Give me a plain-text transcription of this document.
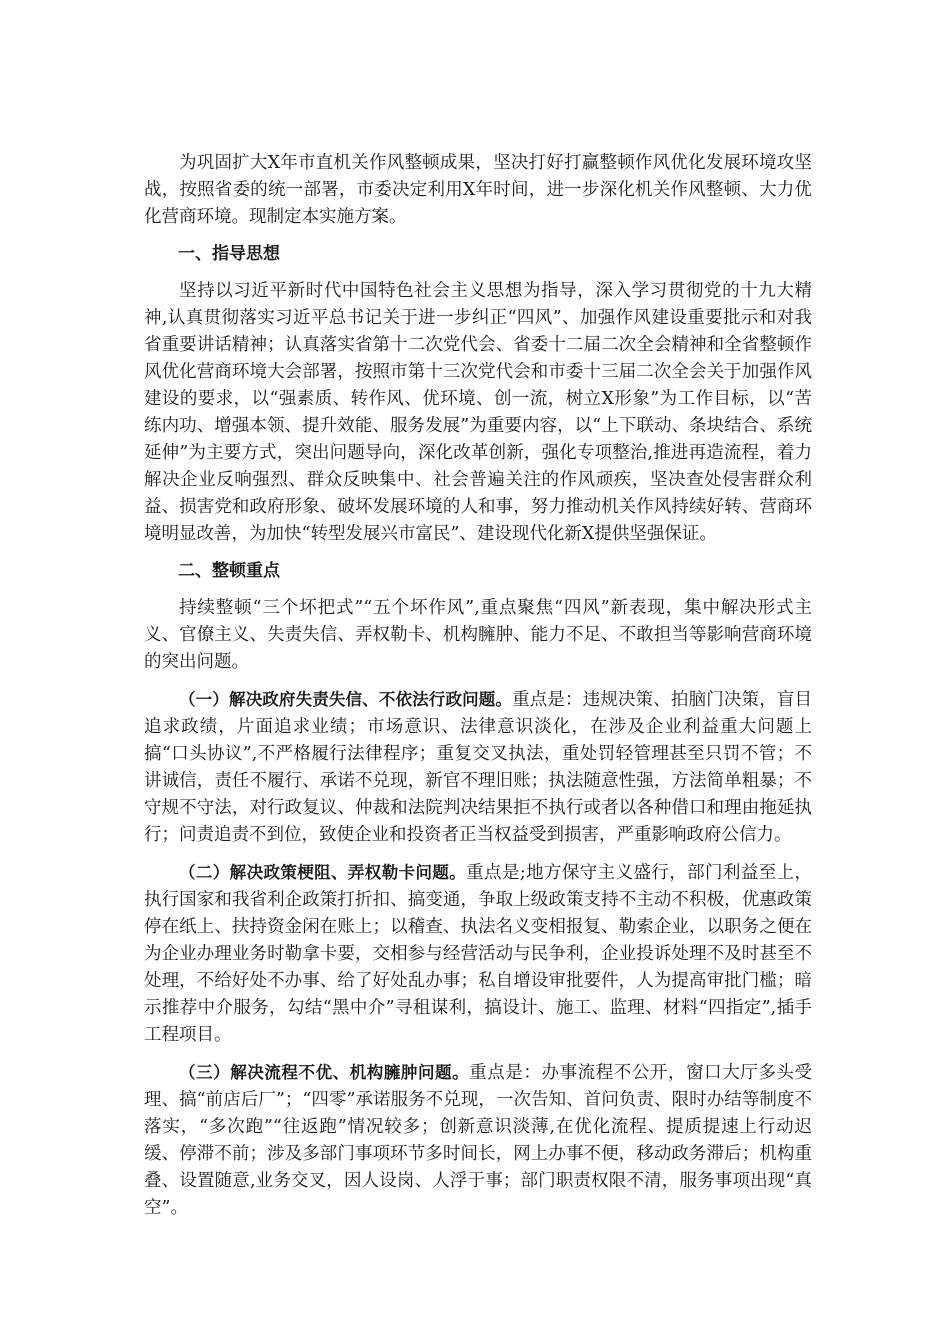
为巩固扩大X年市直机关作风整顿成果，坚决打好打赢整顿作风优化发展环境攻坚战，按照省委的统一部署，市委决定利用X年时间，进一步深化机关作风整顿、大力优化营商环境。现制定本实施方案。

一、指导思想

坚持以习近平新时代中国特色社会主义思想为指导，深入学习贯彻党的十九大精神,认真贯彻落实习近平总书记关于进一步纠正“四风”、加强作风建设重要批示和对我省重要讲话精神；认真落实省第十二次党代会、省委十二届二次全会精神和全省整顿作风优化营商环境大会部署，按照市第十三次党代会和市委十三届二次全会关于加强作风建设的要求，以“强素质、转作风、优环境、创一流，树立X形象”为工作目标，以“苦练内功、增强本领、提升效能、服务发展”为重要内容，以“上下联动、条块结合、系统延伸”为主要方式，突出问题导向，深化改革创新，强化专项整治,推进再造流程，着力解决企业反响强烈、群众反映集中、社会普遍关注的作风顽疾，坚决查处侵害群众利益、损害党和政府形象、破坏发展环境的人和事，努力推动机关作风持续好转、营商环境明显改善，为加快“转型发展兴市富民”、建设现代化新X提供坚强保证。

二、整顿重点

持续整顿“三个坏把式”“五个坏作风”,重点聚焦“四风”新表现，集中解决形式主义、官僚主义、失责失信、弄权勒卡、机构臃肿、能力不足、不敢担当等影响营商环境的突出问题。

（一）解决政府失责失信、不依法行政问题。重点是：违规决策、拍脑门决策，盲目追求政绩，片面追求业绩；市场意识、法律意识淡化，在涉及企业利益重大问题上搞“口头协议”,不严格履行法律程序；重复交叉执法，重处罚轻管理甚至只罚不管；不讲诚信，责任不履行、承诺不兑现，新官不理旧账；执法随意性强，方法简单粗暴；不守规不守法，对行政复议、仲裁和法院判决结果拒不执行或者以各种借口和理由拖延执行；问责追责不到位，致使企业和投资者正当权益受到损害，严重影响政府公信力。

（二）解决政策梗阻、弄权勒卡问题。重点是;地方保守主义盛行，部门利益至上，执行国家和我省利企政策打折扣、搞变通，争取上级政策支持不主动不积极，优惠政策停在纸上、扶持资金闲在账上；以稽查、执法名义变相报复、勒索企业，以职务之便在为企业办理业务时勒拿卡要，交相参与经营活动与民争利，企业投诉处理不及时甚至不处理，不给好处不办事、给了好处乱办事；私自增设审批要件，人为提高审批门槛；暗示推荐中介服务，勾结“黑中介”寻租谋利，搞设计、施工、监理、材料“四指定”,插手工程项目。

（三）解决流程不优、机构臃肿问题。重点是：办事流程不公开，窗口大厅多头受理、搞“前店后厂”；“四零”承诺服务不兑现，一次告知、首问负责、限时办结等制度不落实，“多次跑”“往返跑”情况较多；创新意识淡薄,在优化流程、提质提速上行动迟缓、停滞不前；涉及多部门事项环节多时间长，网上办事不便，移动政务滞后；机构重叠、设置随意,业务交叉，因人设岗、人浮于事；部门职责权限不清，服务事项出现“真空”。
